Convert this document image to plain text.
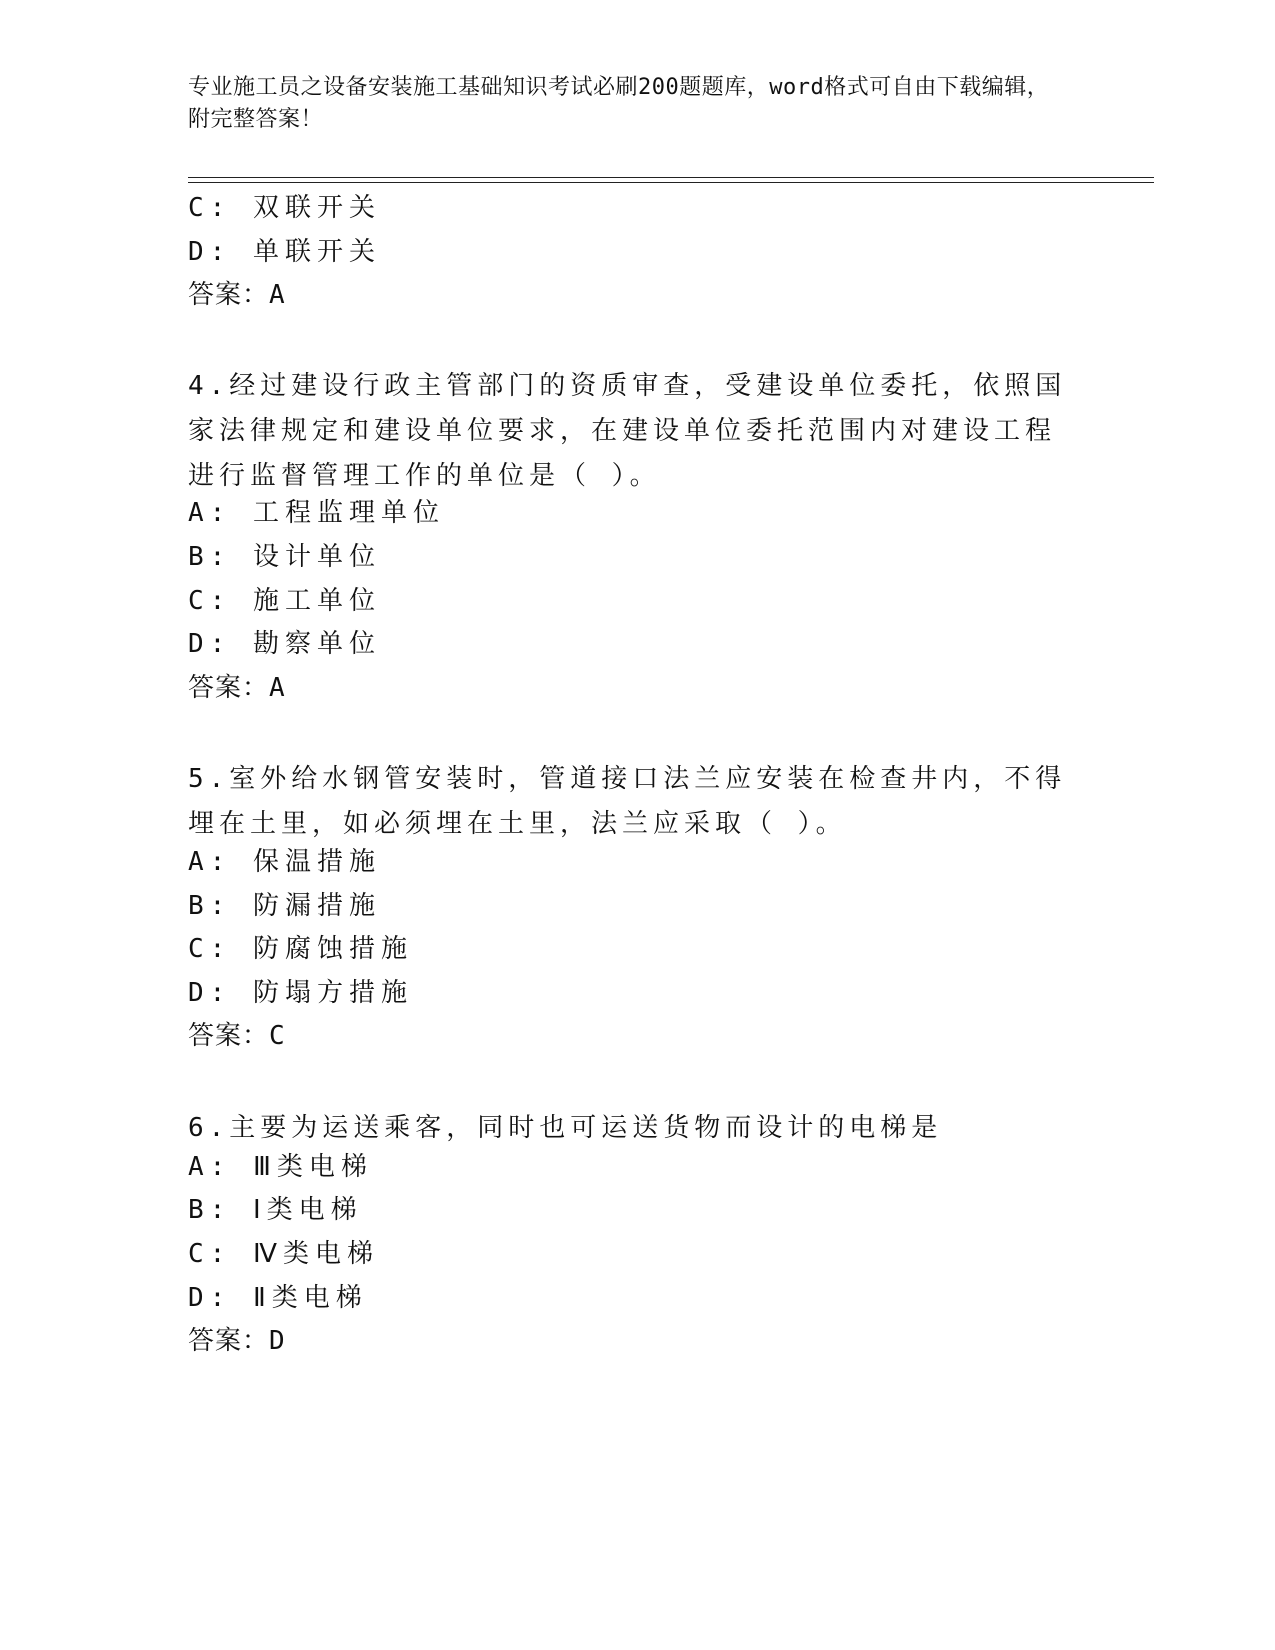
专业施工员之设备安装施工基础知识考试必刷200题题库，word格式可自由下载编辑，附完整答案！
C: 双联开关
D: 单联开关
答案：A
4.经过建设行政主管部门的资质审查，受建设单位委托，依照国家法律规定和建设单位要求，在建设单位委托范围内对建设工程进行监督管理工作的单位是（ ）。
A: 工程监理单位
B: 设计单位
C: 施工单位
D: 勘察单位
答案：A
5.室外给水钢管安装时，管道接口法兰应安装在检查井内，不得埋在土里，如必须埋在土里，法兰应采取（ ）。
A: 保温措施
B: 防漏措施
C: 防腐蚀措施
D: 防塌方措施
答案：C
6.主要为运送乘客，同时也可运送货物而设计的电梯是
A: Ⅲ类电梯
B: Ⅰ类电梯
C: Ⅳ类电梯
D: Ⅱ类电梯
答案：D
